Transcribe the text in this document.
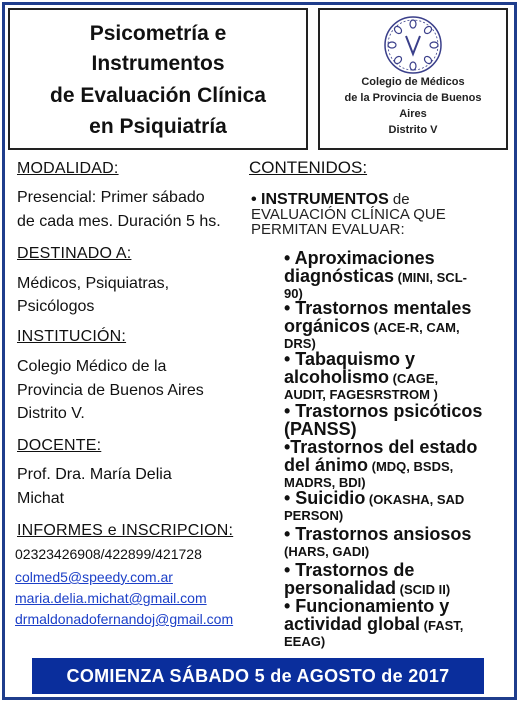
Psicometría e
Instrumentos
de Evaluación Clínica
en Psiquiatría
Colegio de Médicos
de la Provincia de Buenos
Aires
Distrito V
MODALIDAD:
Presencial: Primer sábado
de cada mes. Duración 5 hs.
DESTINADO A:
Médicos, Psiquiatras,
Psicólogos
INSTITUCIÓN:
Colegio Médico de la
Provincia de Buenos Aires
Distrito V.
DOCENTE:
Prof. Dra. María Delia
Michat
INFORMES e INSCRIPCION:
02323426908/422899/421728
colmed5@speedy.com.ar
maria.delia.michat@gmail.com
drmaldonadofernandoj@gmail.com
CONTENIDOS:
• INSTRUMENTOS de
EVALUACIÓN CLÍNICA QUE
PERMITAN EVALUAR:
• Aproximaciones
diagnósticas (MINI, SCL-
90)
• Trastornos mentales
orgánicos (ACE-R, CAM,
DRS)
• Tabaquismo y
alcoholismo (CAGE,
AUDIT, FAGESRSTROM )
• Trastornos psicóticos
(PANSS)
•Trastornos del estado
del ánimo (MDQ, BSDS,
MADRS, BDI)
• Suicidio (OKASHA, SAD
PERSON)
• Trastornos ansiosos
(HARS, GADI)
• Trastornos de
personalidad (SCID II)
• Funcionamiento y
actividad global (FAST,
EEAG)
COMIENZA SÁBADO 5 de AGOSTO de 2017
